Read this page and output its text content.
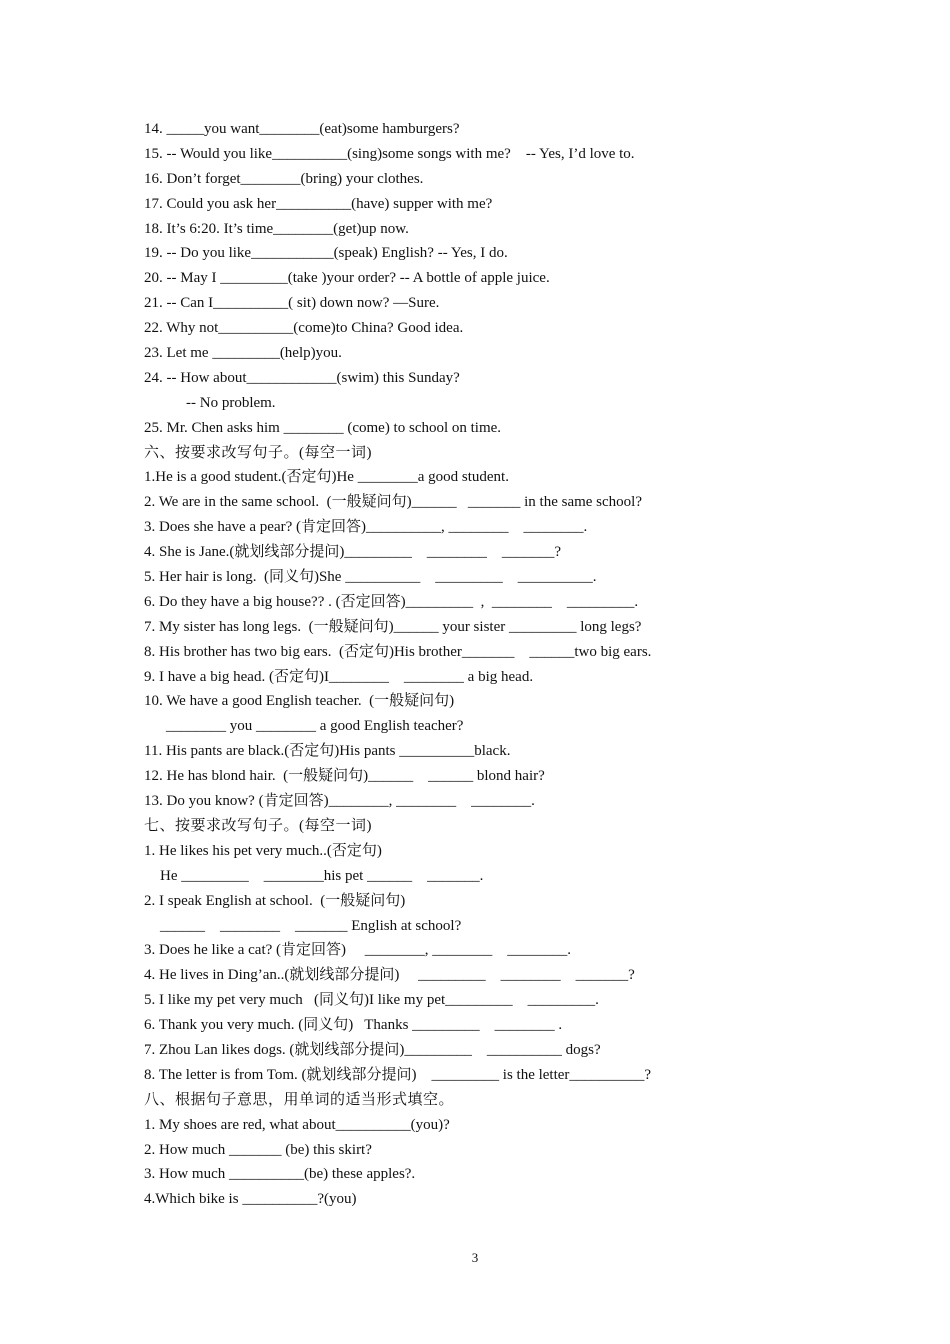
14. _____you want________(eat)some hamburgers?
15. -- Would you like__________(sing)some songs with me?    -- Yes, I’d love to.
16. Don’t forget________(bring) your clothes.
17. Could you ask her__________(have) supper with me?
18. It’s 6:20. It’s time________(get)up now.
19. -- Do you like___________(speak) English? -- Yes, I do.
20. -- May I _________(take )your order? -- A bottle of apple juice.
21. -- Can I__________( sit) down now? —Sure.
22. Why not__________(come)to China? Good idea.
23. Let me _________(help)you.
24. -- How about____________(swim) this Sunday?
-- No problem.
25. Mr. Chen asks him ________ (come) to school on time.
六、按要求改写句子。(每空一词)
1.He is a good student.(否定句)He ________a good student.
2. We are in the same school.  (一般疑问句)______   _______ in the same school?
3. Does she have a pear? (肯定回答)__________, ________    ________.
4. She is Jane.(就划线部分提问)_________    ________    _______?
5. Her hair is long.  (同义句)She __________    _________    __________.
6. Do they have a big house?? . (否定回答)_________  ,  ________    _________.
7. My sister has long legs.  (一般疑问句)______ your sister _________ long legs?
8. His brother has two big ears.  (否定句)His brother_______    ______two big ears.
9. I have a big head. (否定句)I________    ________ a big head.
10. We have a good English teacher.  (一般疑问句)
________ you ________ a good English teacher?
11. His pants are black.(否定句)His pants __________black.
12. He has blond hair.  (一般疑问句)______    ______ blond hair?
13. Do you know? (肯定回答)________, ________    ________.
七、按要求改写句子。(每空一词)
1. He likes his pet very much..(否定句)
He _________    ________his pet ______    _______.
2. I speak English at school.  (一般疑问句)
______    ________    _______ English at school?
3. Does he like a cat? (肯定回答)     ________, ________    ________.
4. He lives in Ding’an..(就划线部分提问)     _________    ________    _______?
5. I like my pet very much   (同义句)I like my pet_________    _________.
6. Thank you very much. (同义句)   Thanks _________    ________ .
7. Zhou Lan likes dogs. (就划线部分提问)_________    __________ dogs?
8. The letter is from Tom. (就划线部分提问)    _________ is the letter__________?
八、根据句子意思，用单词的适当形式填空。
1. My shoes are red, what about__________(you)?
2. How much _______ (be) this skirt?
3. How much __________(be) these apples?.
4.Which bike is __________?(you)
3
